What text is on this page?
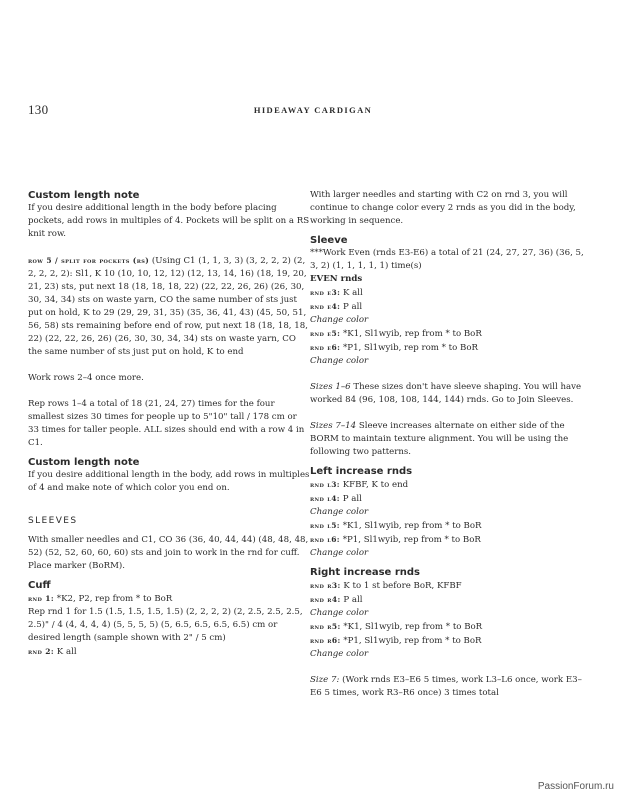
130	HIDEAWAY CARDIGAN
Custom length note

If you desire additional length in the body before placing pockets, add rows in multiples of 4. Pockets will be split on a RS knit row.

row 5 / split for pockets (rs) (Using C1 (1, 1, 3, 3) (3, 2, 2, 2) (2, 2, 2, 2, 2): Sl1, K 10 (10, 10, 12, 12) (12, 13, 14, 16) (18, 19, 20, 21, 23) sts, put next 18 (18, 18, 18, 22) (22, 22, 26, 26) (26, 30, 30, 34, 34) sts on waste yarn, CO the same number of sts just put on hold, K to 29 (29, 29, 31, 35) (35, 36, 41, 43) (45, 50, 51, 56, 58) sts remaining before end of row, put next 18 (18, 18, 18, 22) (22, 22, 26, 26) (26, 30, 30, 34, 34) sts on waste yarn, CO the same number of sts just put on hold, K to end

Work rows 2–4 once more.

Rep rows 1–4 a total of 18 (21, 24, 27) times for the four smallest sizes 30 times for people up to 5"10" tall / 178 cm or 33 times for taller people. ALL sizes should end with a row 4 in C1.

Custom length note

If you desire additional length in the body, add rows in multiples of 4 and make note of which color you end on.

SLEEVES

With smaller needles and C1, CO 36 (36, 40, 44, 44) (48, 48, 48, 52) (52, 52, 60, 60, 60) sts and join to work in the rnd for cuff. Place marker (BoRM).

Cuff

rnd 1: *K2, P2, rep from * to BoR

Rep rnd 1 for 1.5 (1.5, 1.5, 1.5, 1.5) (2, 2, 2, 2) (2, 2.5, 2.5, 2.5, 2.5)" / 4 (4, 4, 4, 4) (5, 5, 5, 5) (5, 6.5, 6.5, 6.5, 6.5) cm or desired length (sample shown with 2" / 5 cm)

rnd 2: K all

With larger needles and starting with C2 on rnd 3, you will continue to change color every 2 rnds as you did in the body, working in sequence.

Sleeve

***Work Even (rnds E3-E6) a total of 21 (24, 27, 27, 36) (36, 5, 3, 2) (1, 1, 1, 1, 1) time(s)

EVEN rnds

rnd e3: K all

rnd e4: P all

Change color

rnd e5: *K1, Sl1wyib, rep from * to BoR

rnd e6: *P1, Sl1wyib, rep rom * to BoR

Change color

Sizes 1–6 These sizes don't have sleeve shaping. You will have worked 84 (96, 108, 108, 144, 144) rnds. Go to Join Sleeves.

Sizes 7–14 Sleeve increases alternate on either side of the BORM to maintain texture alignment. You will be using the following two patterns.

Left increase rnds

rnd l3: KFBF, K to end

rnd l4: P all

Change color

rnd l5: *K1, Sl1wyib, rep from * to BoR

rnd l6: *P1, Sl1wyib, rep from * to BoR

Change color

Right increase rnds

rnd r3: K to 1 st before BoR, KFBF

rnd r4: P all

Change color

rnd r5: *K1, Sl1wyib, rep from * to BoR

rnd r6: *P1, Sl1wyib, rep from * to BoR

Change color

Size 7: (Work rnds E3–E6 5 times, work L3–L6 once, work E3–E6 5 times, work R3–R6 once) 3 times total

PassionForum.ru
